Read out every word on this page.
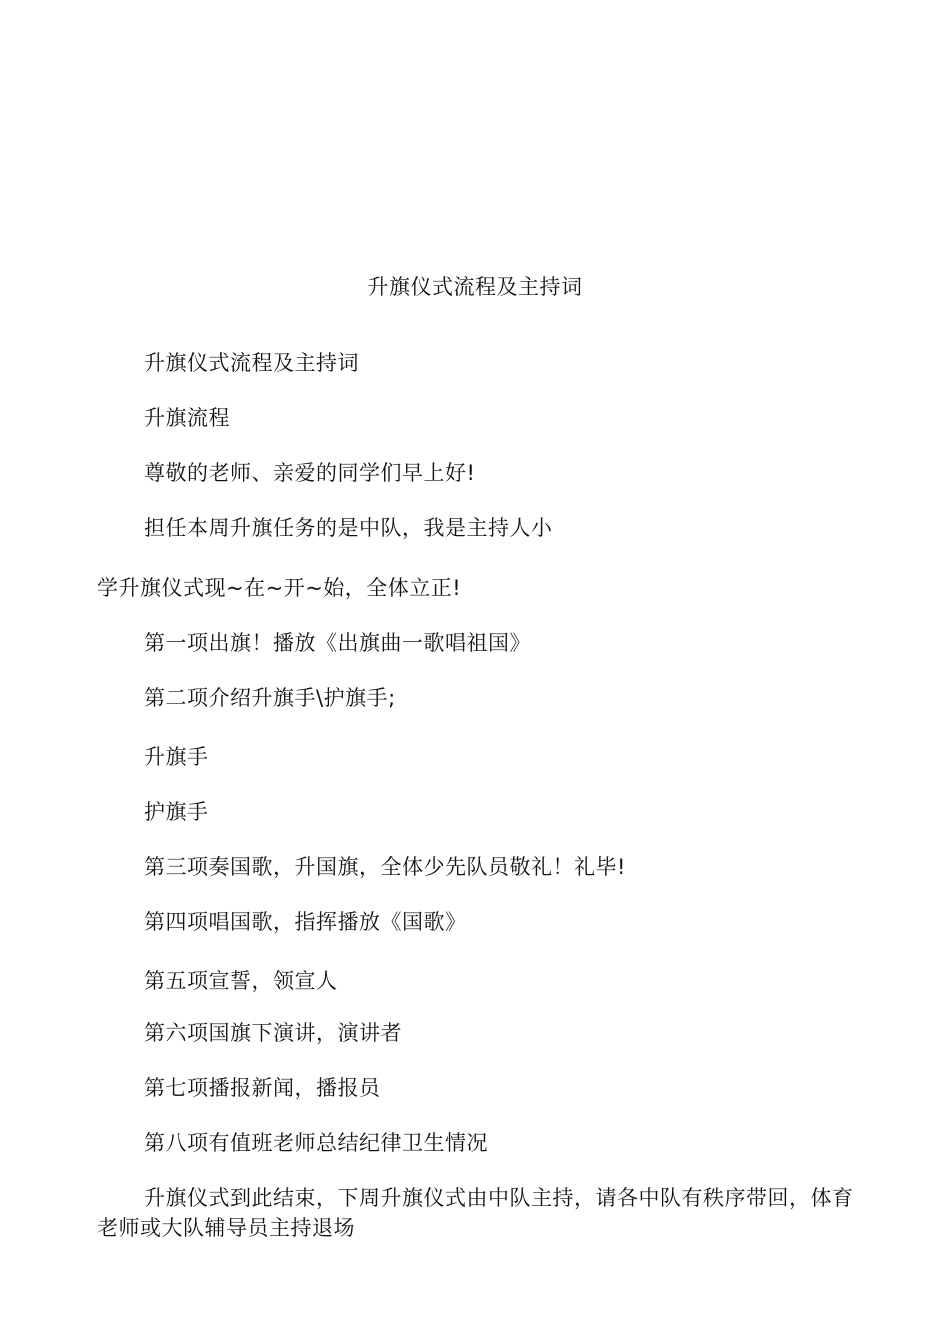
升旗仪式流程及主持词
升旗仪式流程及主持词
升旗流程
尊敬的老师、亲爱的同学们早上好!
担任本周升旗任务的是中队，我是主持人小
学升旗仪式现~在~开~始，全体立正!
第一项出旗！播放《出旗曲一歌唱祖国》
第二项介绍升旗手\护旗手;
升旗手
护旗手
第三项奏国歌，升国旗，全体少先队员敬礼！礼毕!
第四项唱国歌，指挥播放《国歌》
第五项宣誓，领宣人
第六项国旗下演讲，演讲者
第七项播报新闻，播报员
第八项有值班老师总结纪律卫生情况
升旗仪式到此结束，下周升旗仪式由中队主持，请各中队有秩序带回，体育老师或大队辅导员主持退场
